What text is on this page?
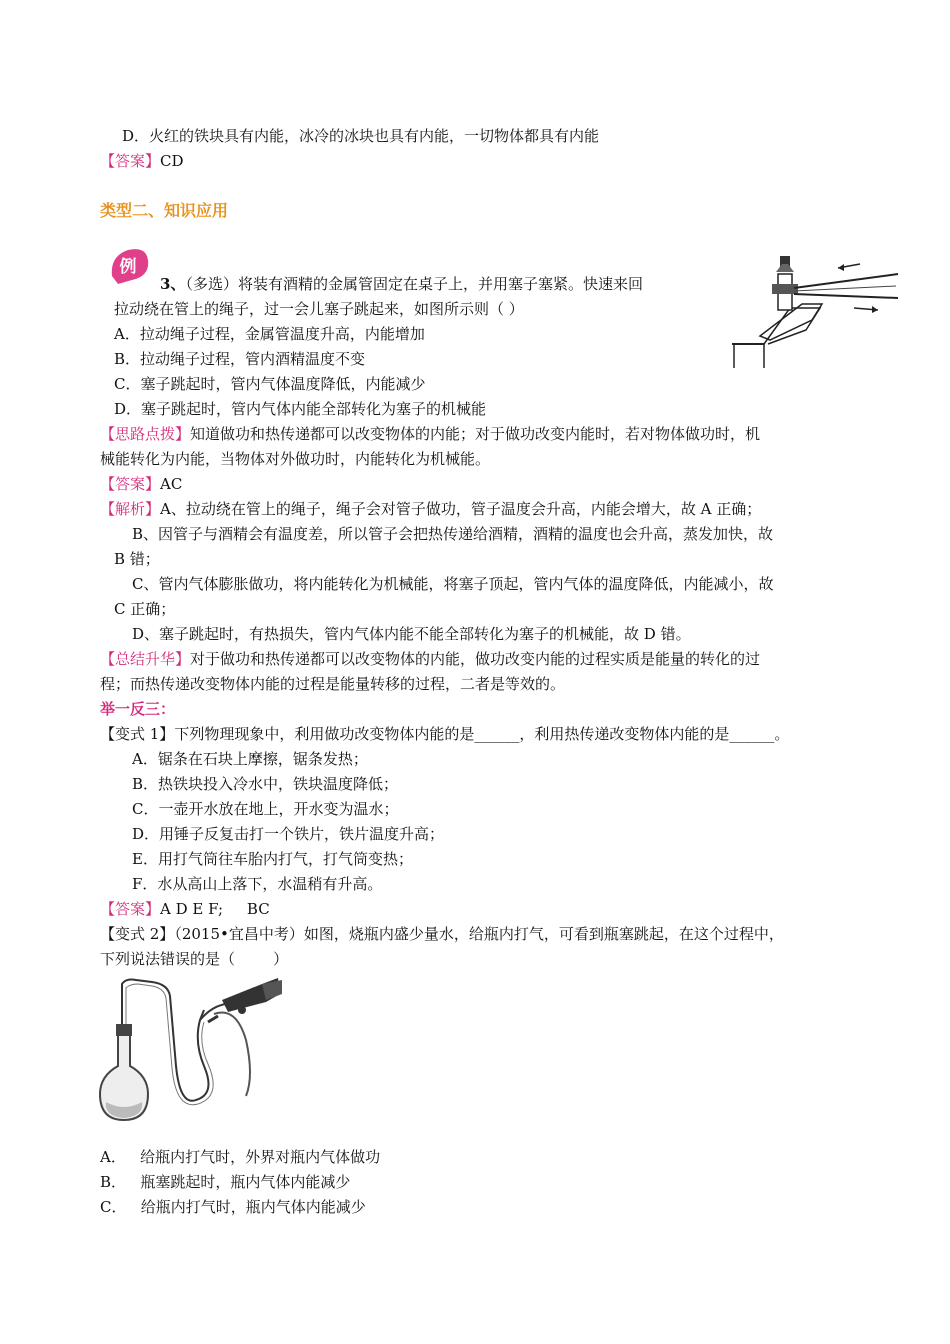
D．火红的铁块具有内能，冰冷的冰块也具有内能，一切物体都具有内能
【答案】CD
类型二、知识应用
例
3、（多选）将装有酒精的金属管固定在桌子上，并用塞子塞紧。快速来回
拉动绕在管上的绳子，过一会儿塞子跳起来，如图所示则（ ）
A．拉动绳子过程，金属管温度升高，内能增加
B．拉动绳子过程，管内酒精温度不变
C．塞子跳起时，管内气体温度降低，内能减少
D．塞子跳起时，管内气体内能全部转化为塞子的机械能
【思路点拨】知道做功和热传递都可以改变物体的内能；对于做功改变内能时，若对物体做功时，机
械能转化为内能，当物体对外做功时，内能转化为机械能。
【答案】AC
【解析】A、拉动绕在管上的绳子，绳子会对管子做功，管子温度会升高，内能会增大，故 A 正确；
B、因管子与酒精会有温度差，所以管子会把热传递给酒精，酒精的温度也会升高，蒸发加快，故
B 错；
C、管内气体膨胀做功，将内能转化为机械能，将塞子顶起，管内气体的温度降低，内能减小，故
C 正确；
D、塞子跳起时，有热损失，管内气体内能不能全部转化为塞子的机械能，故 D 错。
【总结升华】对于做功和热传递都可以改变物体的内能，做功改变内能的过程实质是能量的转化的过
程；而热传递改变物体内能的过程是能量转移的过程，二者是等效的。
举一反三：
【变式 1】下列物理现象中，利用做功改变物体内能的是______，利用热传递改变物体内能的是______。
A．锯条在石块上摩擦，锯条发热；
B．热铁块投入冷水中，铁块温度降低；
C．一壶开水放在地上，开水变为温水；
D．用锤子反复击打一个铁片，铁片温度升高；
E．用打气筒往车胎内打气，打气筒变热；
F．水从高山上落下，水温稍有升高。
【答案】A D E F;     BC
【变式 2】（2015•宜昌中考）如图，烧瓶内盛少量水，给瓶内打气，可看到瓶塞跳起，在这个过程中，
下列说法错误的是（        ）
A．   给瓶内打气时，外界对瓶内气体做功
B．   瓶塞跳起时，瓶内气体内能减少
C．   给瓶内打气时，瓶内气体内能减少
